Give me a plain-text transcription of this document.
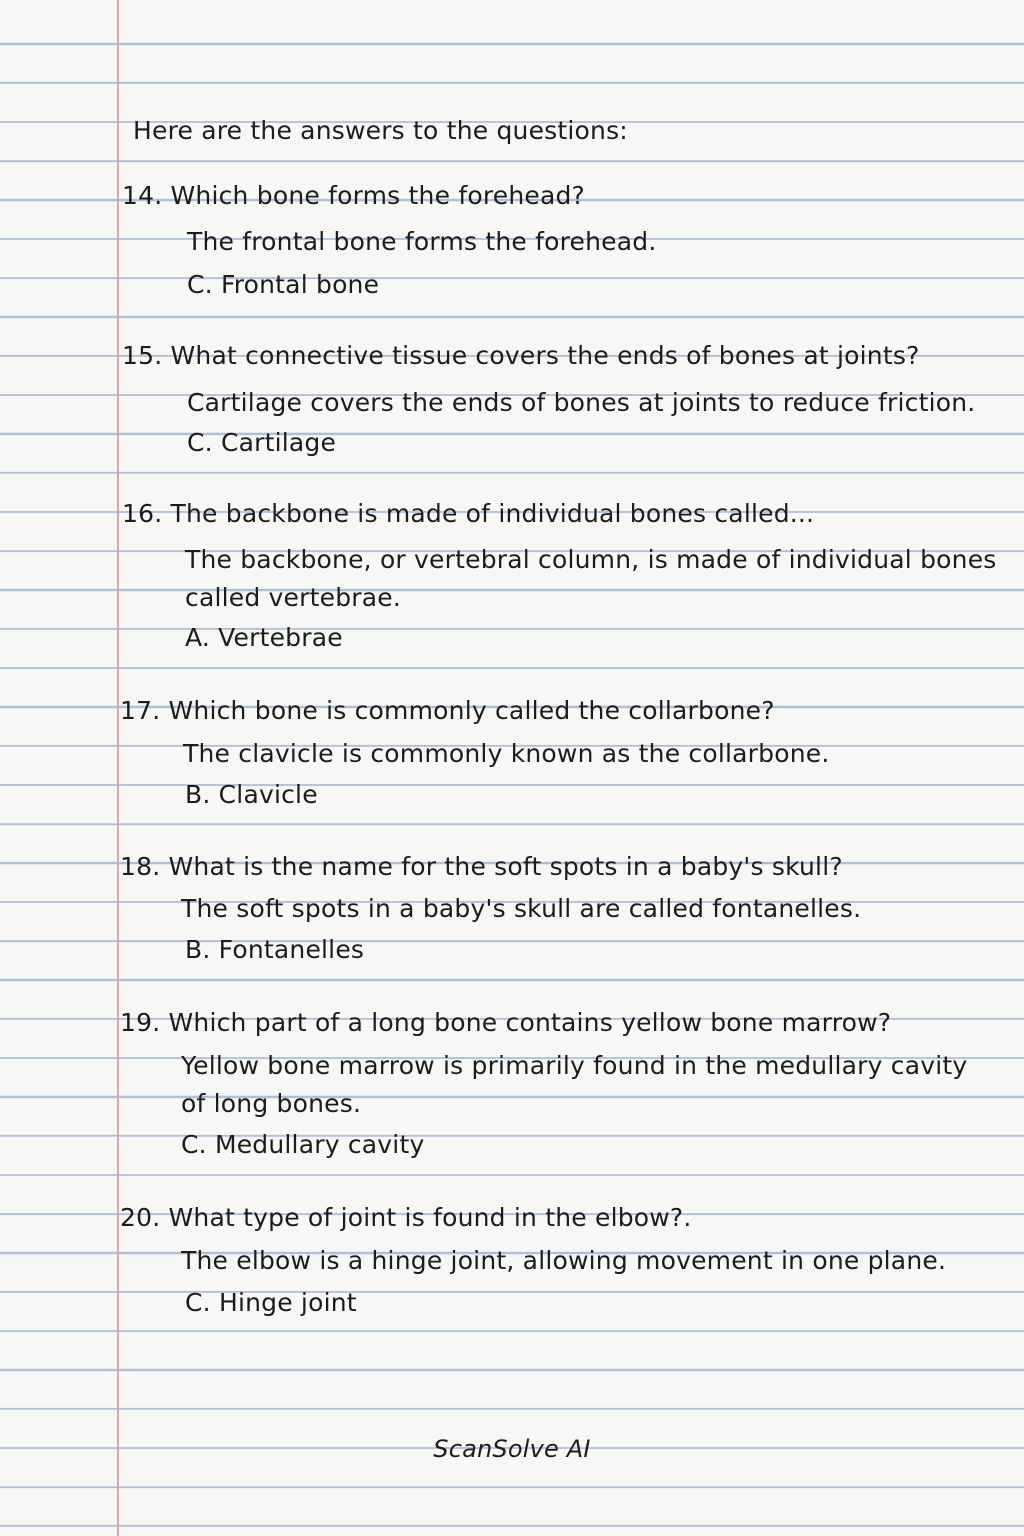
Here are the answers to the questions:
14. Which bone forms the forehead?
The frontal bone forms the forehead.
C. Frontal bone
15. What connective tissue covers the ends of bones at joints?
Cartilage covers the ends of bones at joints to reduce friction.
C. Cartilage
16. The backbone is made of individual bones called...
The backbone, or vertebral column, is made of individual bones
called vertebrae.
A. Vertebrae
17. Which bone is commonly called the collarbone?
The clavicle is commonly known as the collarbone.
B. Clavicle
18. What is the name for the soft spots in a baby's skull?
The soft spots in a baby's skull are called fontanelles.
B. Fontanelles
19. Which part of a long bone contains yellow bone marrow?
Yellow bone marrow is primarily found in the medullary cavity
of long bones.
C. Medullary cavity
20. What type of joint is found in the elbow?.
The elbow is a hinge joint, allowing movement in one plane.
C. Hinge joint
ScanSolve AI
